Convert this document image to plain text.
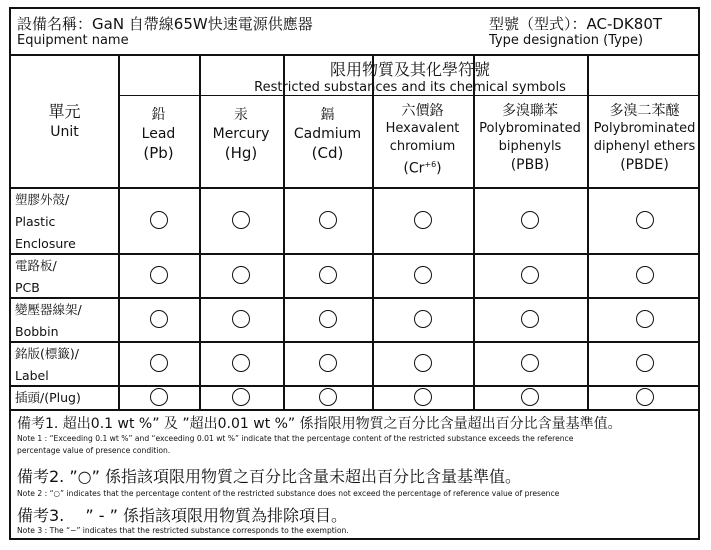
設備名稱：GaN 自帶線65W快速電源供應器
Equipment name
型號（型式）：AC-DK80T
Type designation (Type)
單元
Unit
限用物質及其化學符號
Restricted substances and its chemical symbols
鉛
Lead
(Pb)
汞
Mercury
(Hg)
鎘
Cadmium
(Cd)
六價鉻
Hexavalent
chromium
$(Cr^{+6})$
多溴聯苯
Polybrominated
biphenyls
(PBB)
多溴二苯醚
Polybrominated
diphenyl ethers
(PBDE)
塑膠外殼/
Plastic
Enclosure
電路板/
PCB
變壓器線架/
Bobbin
銘版(標籤)/
Label
插頭/(Plug)
備考1. 超出0.1 wt %” 及 ”超出0.01 wt %” 係指限用物質之百分比含量超出百分比含量基準值。
Note 1 : “Exceeding 0.1 wt %” and “exceeding 0.01 wt %” indicate that the percentage content of the restricted substance exceeds the reference
percentage value of presence condition.
備考2. ”○” 係指該項限用物質之百分比含量未超出百分比含量基準值。
Note 2 : “○” indicates that the percentage content of the restricted substance does not exceed the percentage of reference value of presence
備考3.　 ” - ” 係指該項限用物質為排除項目。
Note 3 : The “−” indicates that the restricted substance corresponds to the exemption.
